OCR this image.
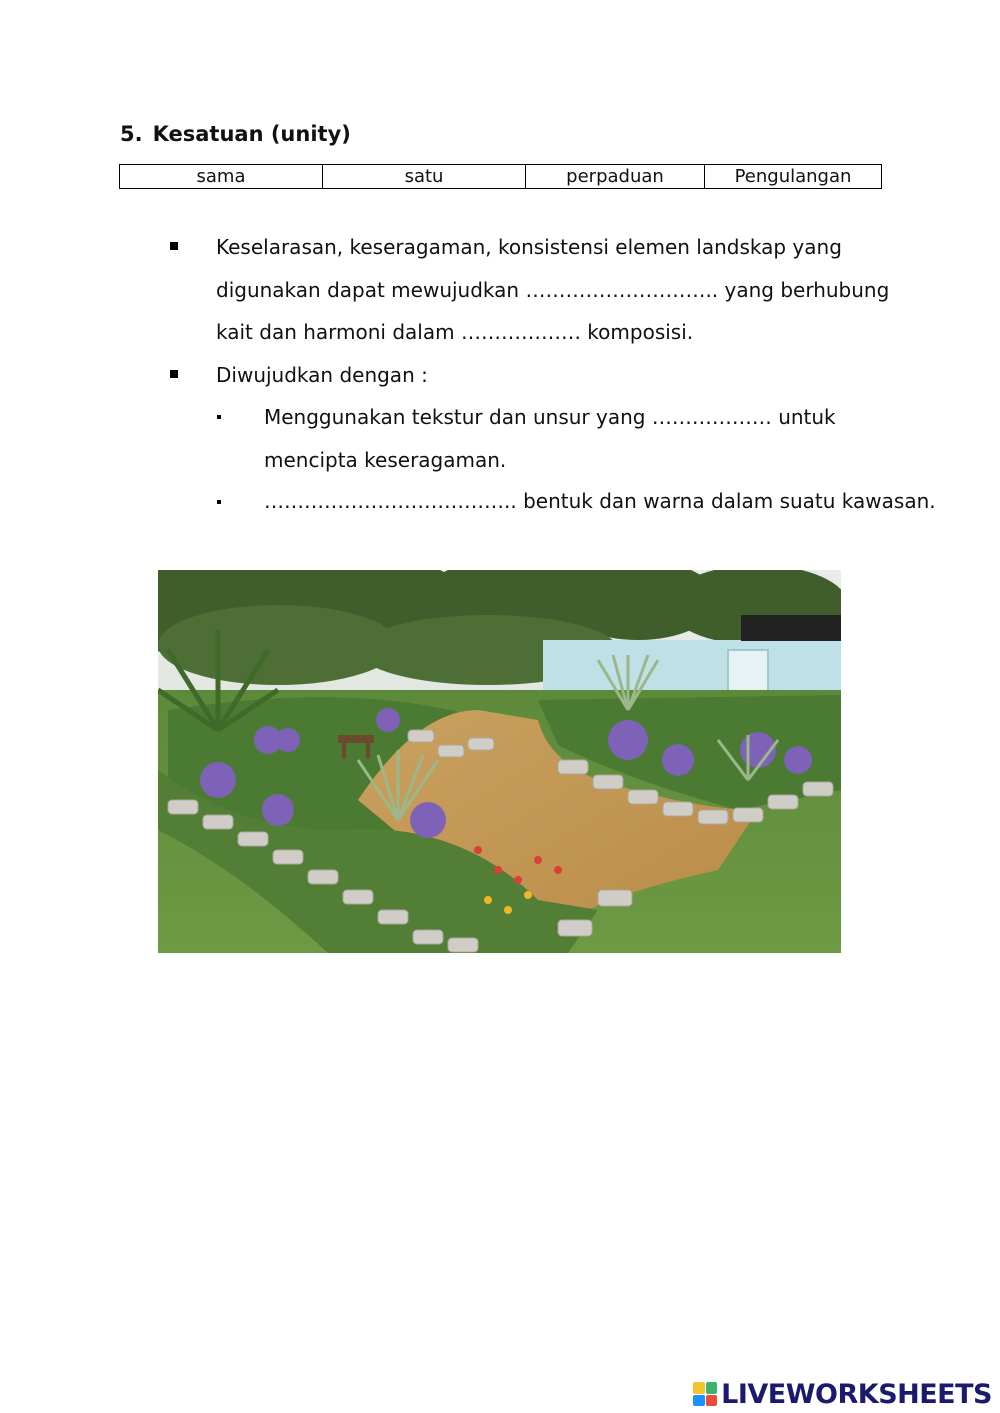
5. Kesatuan (unity)
sama	satu	perpaduan	Pengulangan
Keselarasan, keseragaman, konsistensi elemen landskap yang
digunakan dapat mewujudkan ……………………….. yang berhubung
kait dan harmoni dalam ……………… komposisi.
Diwujudkan dengan :
Menggunakan tekstur dan unsur yang ……………… untuk
mencipta keseragaman.
……………………………….. bentuk dan warna dalam suatu kawasan.
LIVEWORKSHEETS
